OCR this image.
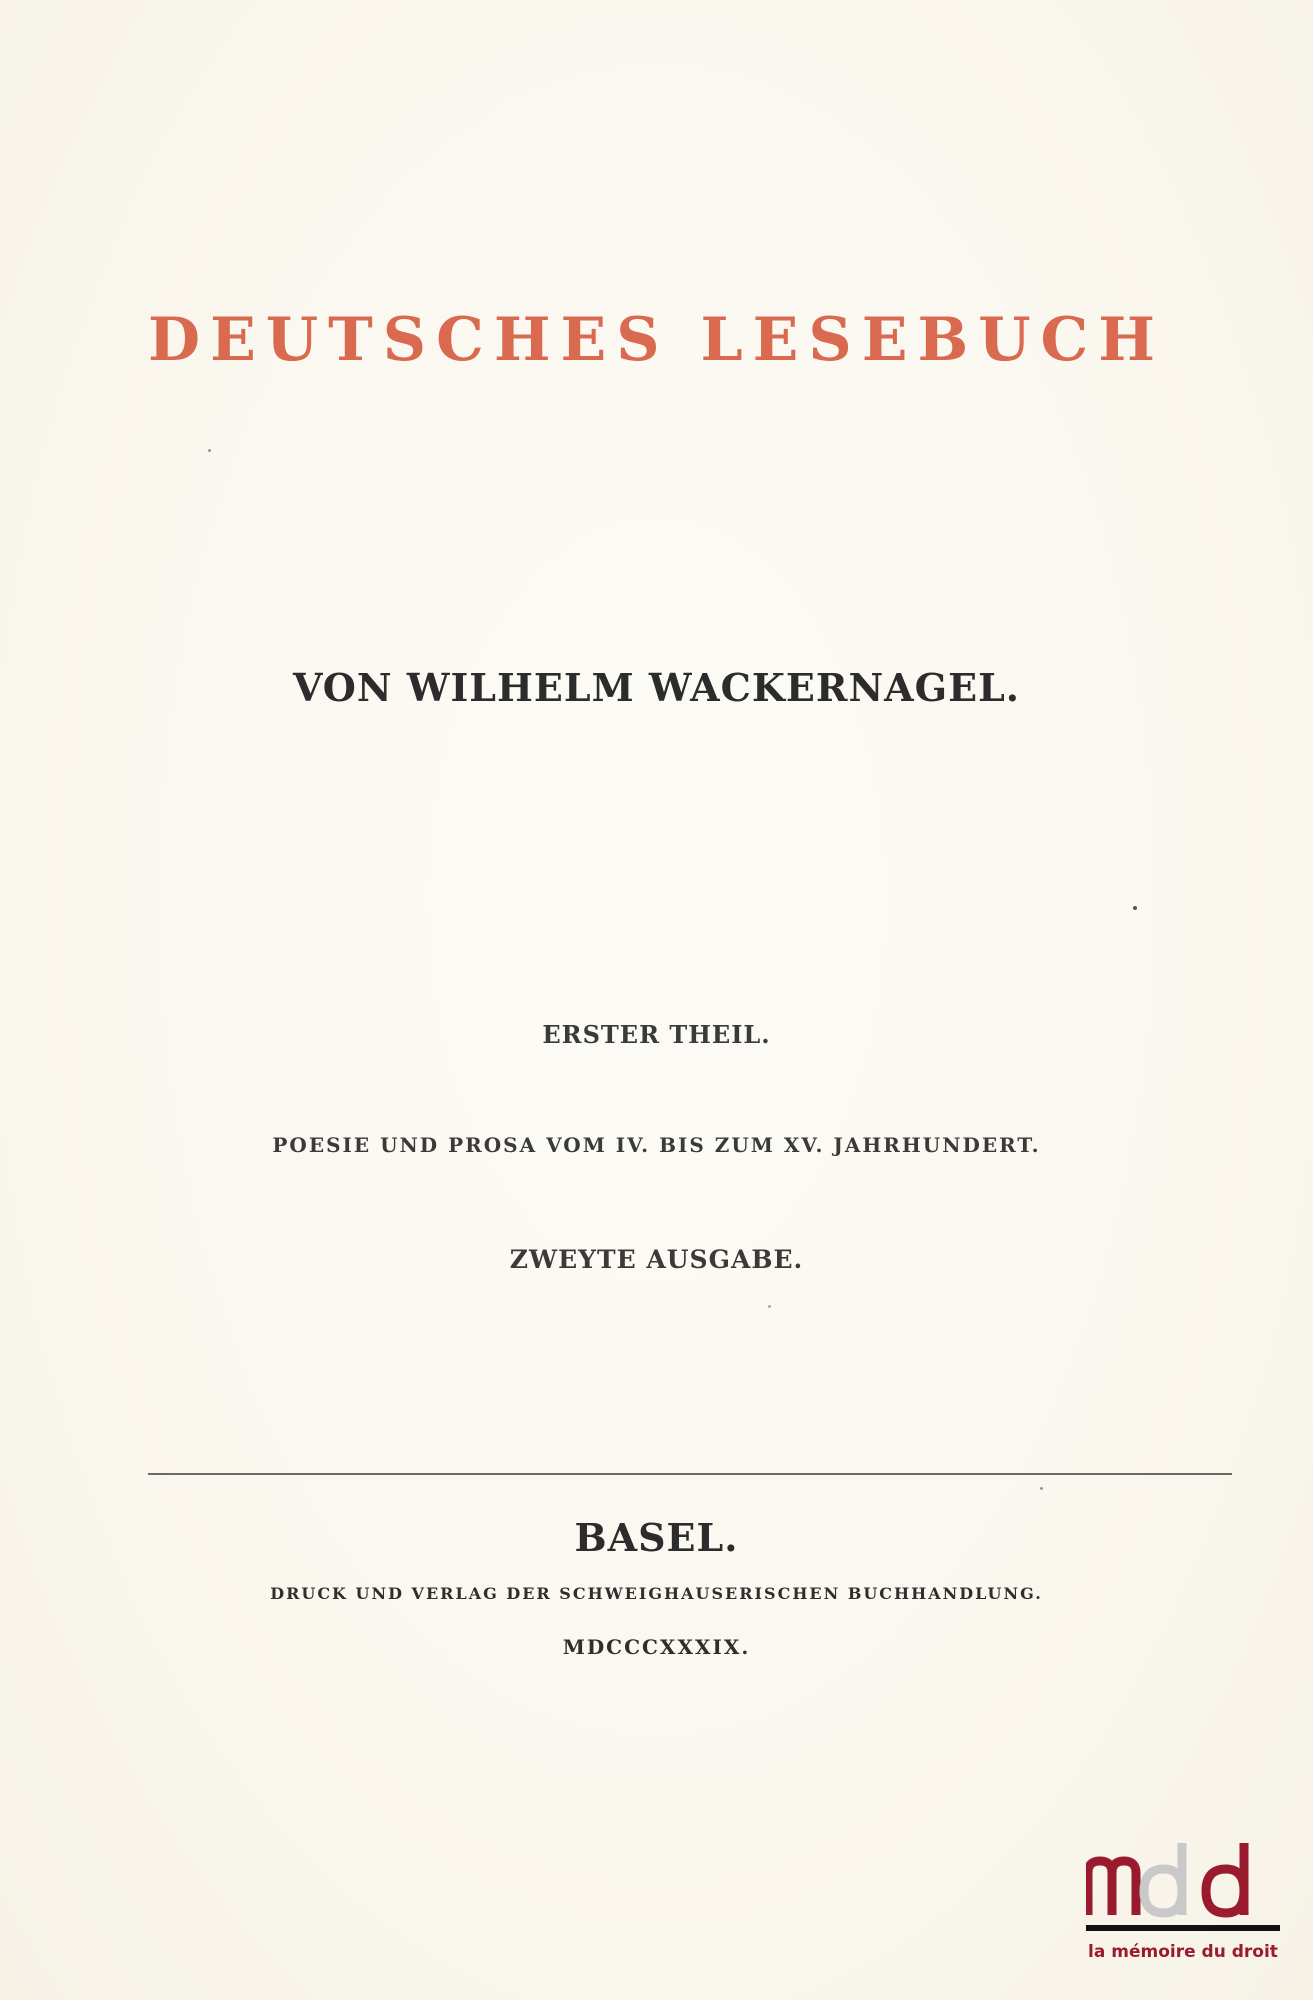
DEUTSCHES LESEBUCH
VON WILHELM WACKERNAGEL.
ERSTER THEIL.
POESIE UND PROSA VOM IV. BIS ZUM XV. JAHRHUNDERT.
ZWEYTE AUSGABE.
BASEL.
DRUCK UND VERLAG DER SCHWEIGHAUSERISCHEN BUCHHANDLUNG.
MDCCCXXXIX.
la mémoire du droit
